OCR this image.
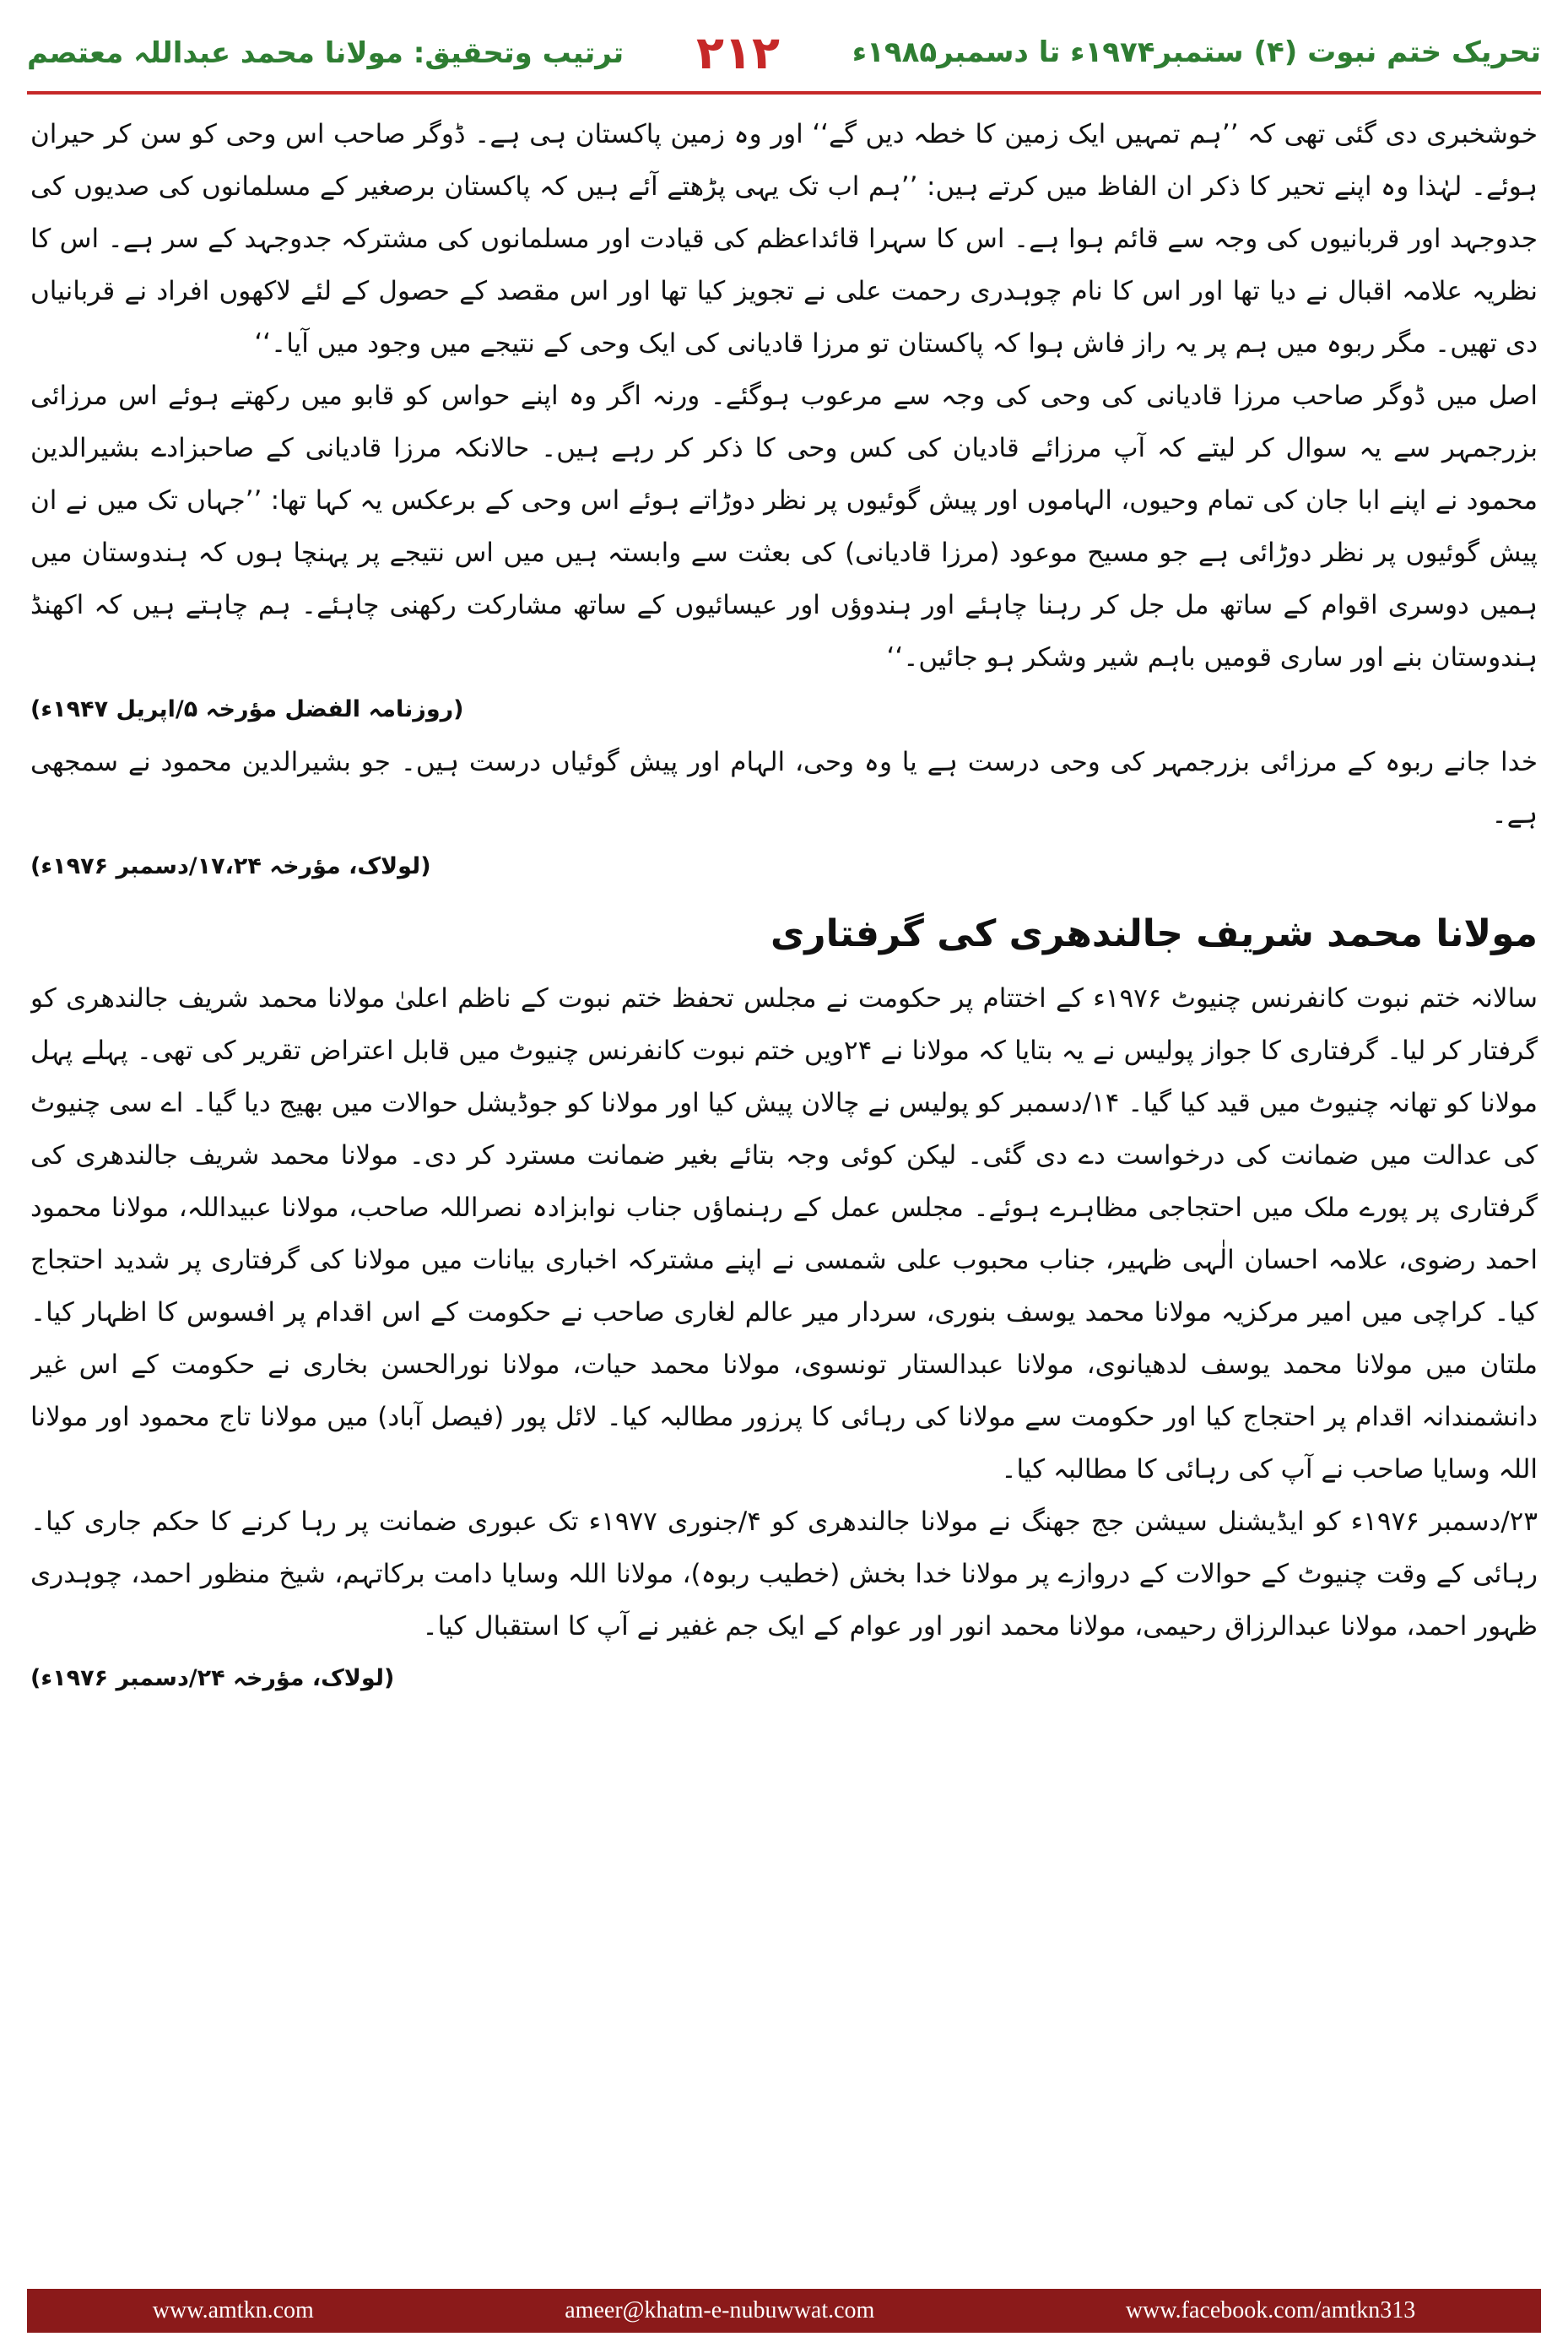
ترتیب وتحقیق: مولانا محمد عبداللہ معتصم ۲۱۲	تحریک ختم نبوت (۴) ستمبر۱۹۷۴ء تا دسمبر۱۹۸۵ء

خوشخبری دی گئی تھی کہ ’’ہم تمہیں ایک زمین کا خطہ دیں گے‘‘ اور وہ زمین پاکستان ہی ہے۔ ڈوگر صاحب اس وحی کو سن کر حیران ہوئے۔ لہٰذا وہ اپنے تحیر کا ذکر ان الفاظ میں کرتے ہیں: ’’ہم اب تک یہی پڑھتے آئے ہیں کہ پاکستان برصغیر کے مسلمانوں کی صدیوں کی جدوجہد اور قربانیوں کی وجہ سے قائم ہوا ہے۔ اس کا سہرا قائداعظم کی قیادت اور مسلمانوں کی مشترکہ جدوجہد کے سر ہے۔ اس کا نظریہ علامہ اقبال نے دیا تھا اور اس کا نام چوہدری رحمت علی نے تجویز کیا تھا اور اس مقصد کے حصول کے لئے لاکھوں افراد نے قربانیاں دی تھیں۔ مگر ربوہ میں ہم پر یہ راز فاش ہوا کہ پاکستان تو مرزا قادیانی کی ایک وحی کے نتیجے میں وجود میں آیا۔‘‘

اصل میں ڈوگر صاحب مرزا قادیانی کی وحی کی وجہ سے مرعوب ہوگئے۔ ورنہ اگر وہ اپنے حواس کو قابو میں رکھتے ہوئے اس مرزائی بزرجمہر سے یہ سوال کر لیتے کہ آپ مرزائے قادیان کی کس وحی کا ذکر کر رہے ہیں۔ حالانکہ مرزا قادیانی کے صاحبزادے بشیرالدین محمود نے اپنے ابا جان کی تمام وحیوں، الہاموں اور پیش گوئیوں پر نظر دوڑاتے ہوئے اس وحی کے برعکس یہ کہا تھا: ’’جہاں تک میں نے ان پیش گوئیوں پر نظر دوڑائی ہے جو مسیح موعود (مرزا قادیانی) کی بعثت سے وابستہ ہیں میں اس نتیجے پر پہنچا ہوں کہ ہندوستان میں ہمیں دوسری اقوام کے ساتھ مل جل کر رہنا چاہئے اور ہندوؤں اور عیسائیوں کے ساتھ مشارکت رکھنی چاہئے۔ ہم چاہتے ہیں کہ اکھنڈ ہندوستان بنے اور ساری قومیں باہم شیر وشکر ہو جائیں۔‘‘

(روزنامہ الفضل مؤرخہ ۵/اپریل ۱۹۴۷ء)

خدا جانے ربوہ کے مرزائی بزرجمہر کی وحی درست ہے یا وہ وحی، الہام اور پیش گوئیاں درست ہیں۔ جو بشیرالدین محمود نے سمجھی ہے۔

(لولاک، مؤرخہ ۱۷،۲۴/دسمبر ۱۹۷۶ء)
مولانا محمد شریف جالندھری کی گرفتاری

سالانہ ختم نبوت کانفرنس چنیوٹ ۱۹۷۶ء کے اختتام پر حکومت نے مجلس تحفظ ختم نبوت کے ناظم اعلیٰ مولانا محمد شریف جالندھری کو گرفتار کر لیا۔ گرفتاری کا جواز پولیس نے یہ بتایا کہ مولانا نے ۲۴ویں ختم نبوت کانفرنس چنیوٹ میں قابل اعتراض تقریر کی تھی۔ پہلے پہل مولانا کو تھانہ چنیوٹ میں قید کیا گیا۔ ۱۴/دسمبر کو پولیس نے چالان پیش کیا اور مولانا کو جوڈیشل حوالات میں بھیج دیا گیا۔ اے سی چنیوٹ کی عدالت میں ضمانت کی درخواست دے دی گئی۔ لیکن کوئی وجہ بتائے بغیر ضمانت مسترد کر دی۔ مولانا محمد شریف جالندھری کی گرفتاری پر پورے ملک میں احتجاجی مظاہرے ہوئے۔ مجلس عمل کے رہنماؤں جناب نوابزادہ نصراللہ صاحب، مولانا عبیداللہ، مولانا محمود احمد رضوی، علامہ احسان الٰہی ظہیر، جناب محبوب علی شمسی نے اپنے مشترکہ اخباری بیانات میں مولانا کی گرفتاری پر شدید احتجاج کیا۔ کراچی میں امیر مرکزیہ مولانا محمد یوسف بنوری، سردار میر عالم لغاری صاحب نے حکومت کے اس اقدام پر افسوس کا اظہار کیا۔ ملتان میں مولانا محمد یوسف لدھیانوی، مولانا عبدالستار تونسوی، مولانا محمد حیات، مولانا نورالحسن بخاری نے حکومت کے اس غیر دانشمندانہ اقدام پر احتجاج کیا اور حکومت سے مولانا کی رہائی کا پرزور مطالبہ کیا۔ لائل پور (فیصل آباد) میں مولانا تاج محمود اور مولانا اللہ وسایا صاحب نے آپ کی رہائی کا مطالبہ کیا۔

۲۳/دسمبر ۱۹۷۶ء کو ایڈیشنل سیشن جج جھنگ نے مولانا جالندھری کو ۴/جنوری ۱۹۷۷ء تک عبوری ضمانت پر رہا کرنے کا حکم جاری کیا۔ رہائی کے وقت چنیوٹ کے حوالات کے دروازے پر مولانا خدا بخش (خطیب ربوہ)، مولانا اللہ وسایا دامت برکاتہم، شیخ منظور احمد، چوہدری ظہور احمد، مولانا عبدالرزاق رحیمی، مولانا محمد انور اور عوام کے ایک جم غفیر نے آپ کا استقبال کیا۔

(لولاک، مؤرخہ ۲۴/دسمبر ۱۹۷۶ء)
www.amtkn.com	ameer@khatm-e-nubuwwat.com	www.facebook.com/amtkn313
